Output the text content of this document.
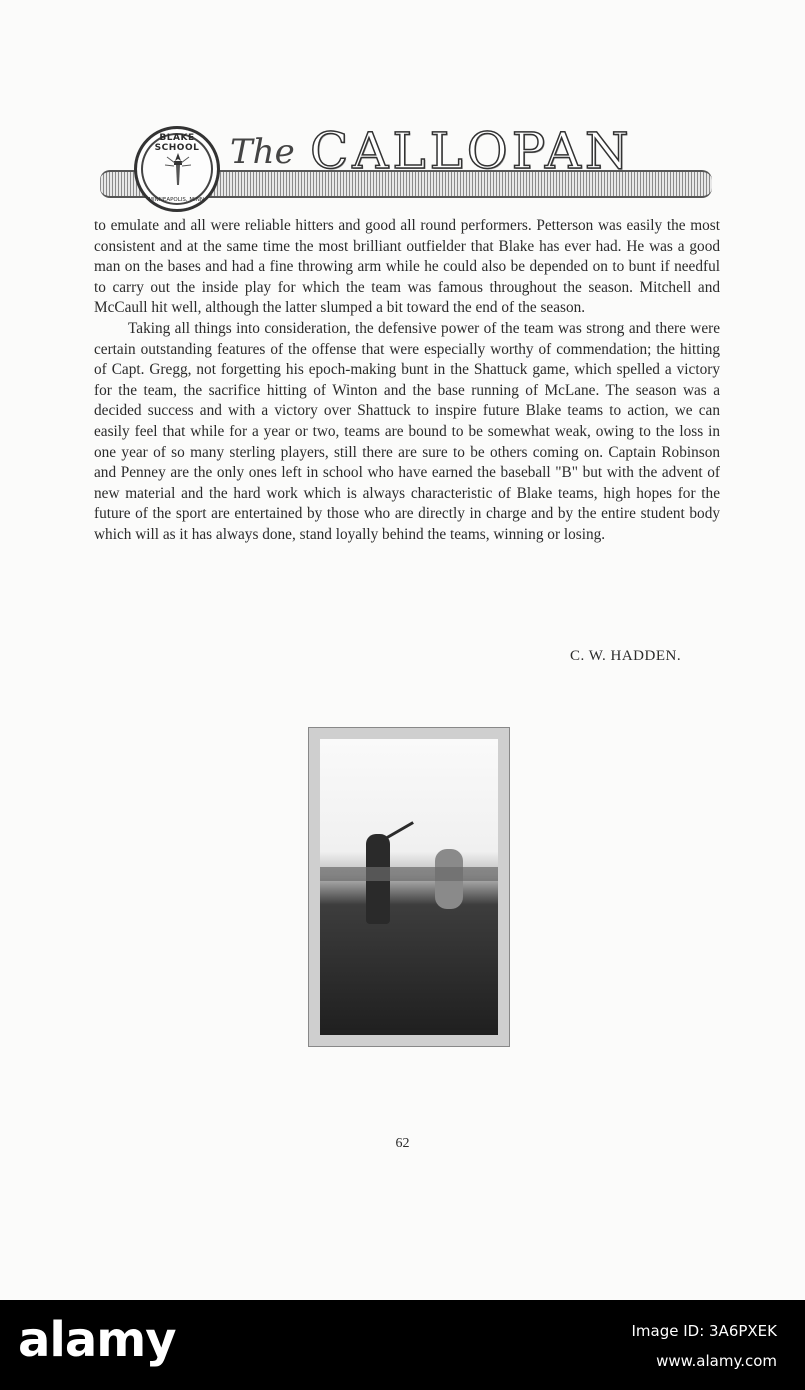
BLAKE SCHOOL
MINNEAPOLIS, MINN.
The CALLOPAN

to emulate and all were reliable hitters and good all round performers. Petterson was easily the most consistent and at the same time the most brilliant outfielder that Blake has ever had. He was a good man on the bases and had a fine throwing arm while he could also be depended on to bunt if needful to carry out the inside play for which the team was famous throughout the season. Mitchell and McCaull hit well, although the latter slumped a bit toward the end of the season.

Taking all things into consideration, the defensive power of the team was strong and there were certain outstanding features of the offense that were especially worthy of commendation; the hitting of Capt. Gregg, not forgetting his epoch-making bunt in the Shattuck game, which spelled a victory for the team, the sacrifice hitting of Winton and the base running of McLane. The season was a decided success and with a victory over Shattuck to inspire future Blake teams to action, we can easily feel that while for a year or two, teams are bound to be somewhat weak, owing to the loss in one year of so many sterling players, still there are sure to be others coming on. Captain Robinson and Penney are the only ones left in school who have earned the baseball "B" but with the advent of new material and the hard work which is always characteristic of Blake teams, high hopes for the future of the sport are entertained by those who are directly in charge and by the entire student body which will as it has always done, stand loyally behind the teams, winning or losing.

C. W. HADDEN.
62
alamy	Image ID: 3A6PXEK
www.alamy.com
